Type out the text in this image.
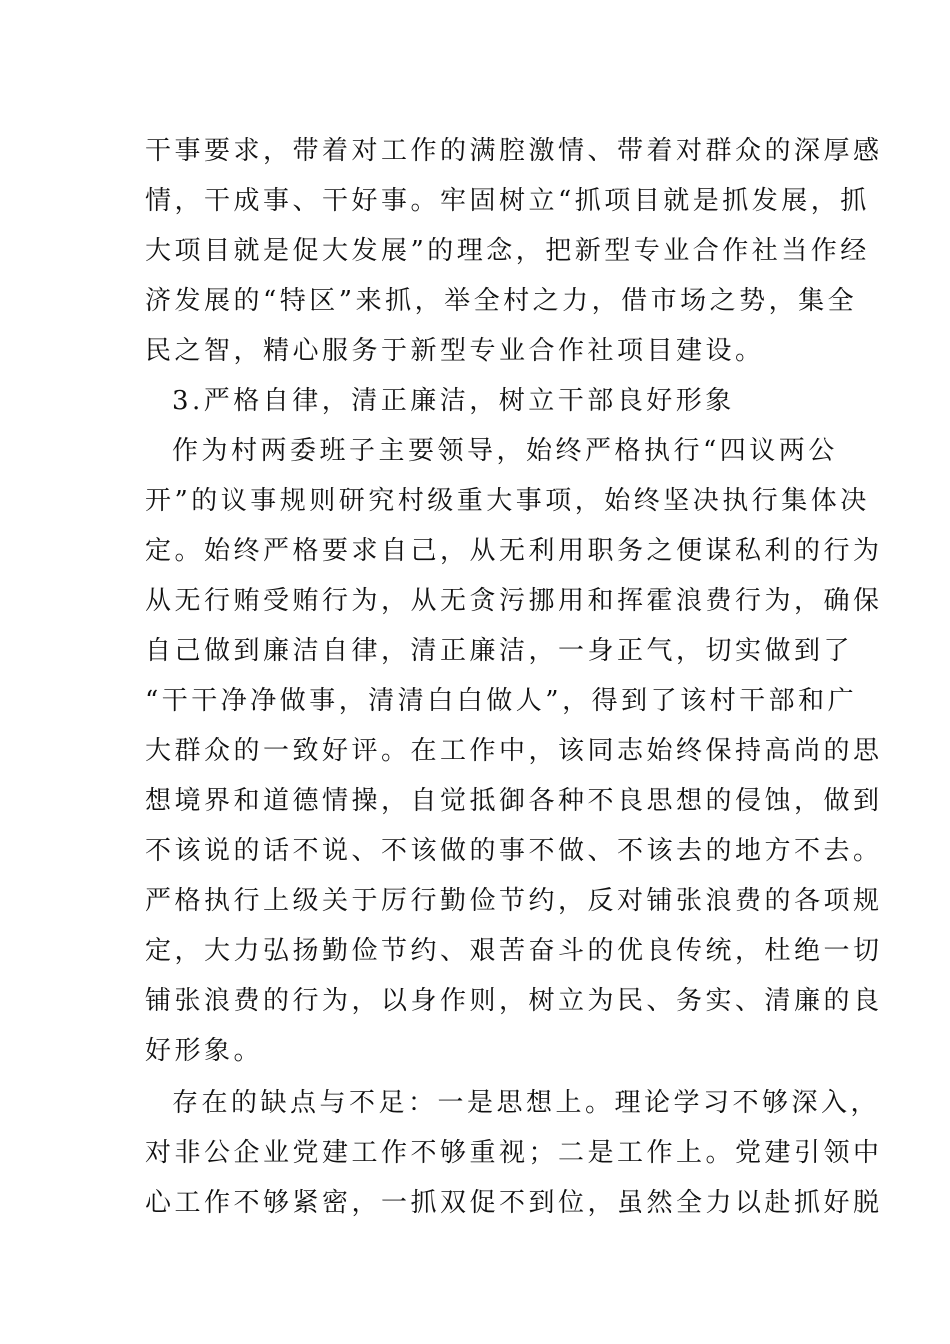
干事要求，带着对工作的满腔激情、带着对群众的深厚感
情，干成事、干好事。牢固树立“抓项目就是抓发展，抓
大项目就是促大发展”的理念，把新型专业合作社当作经
济发展的“特区”来抓，举全村之力，借市场之势，集全
民之智，精心服务于新型专业合作社项目建设。
3.严格自律，清正廉洁，树立干部良好形象
作为村两委班子主要领导，始终严格执行“四议两公
开”的议事规则研究村级重大事项，始终坚决执行集体决
定。始终严格要求自己，从无利用职务之便谋私利的行为
从无行贿受贿行为，从无贪污挪用和挥霍浪费行为，确保
自己做到廉洁自律，清正廉洁，一身正气，切实做到了
“干干净净做事，清清白白做人”，得到了该村干部和广
大群众的一致好评。在工作中，该同志始终保持高尚的思
想境界和道德情操，自觉抵御各种不良思想的侵蚀，做到
不该说的话不说、不该做的事不做、不该去的地方不去。
严格执行上级关于厉行勤俭节约，反对铺张浪费的各项规
定，大力弘扬勤俭节约、艰苦奋斗的优良传统，杜绝一切
铺张浪费的行为，以身作则，树立为民、务实、清廉的良
好形象。
存在的缺点与不足：一是思想上。理论学习不够深入，
对非公企业党建工作不够重视；二是工作上。党建引领中
心工作不够紧密，一抓双促不到位，虽然全力以赴抓好脱
